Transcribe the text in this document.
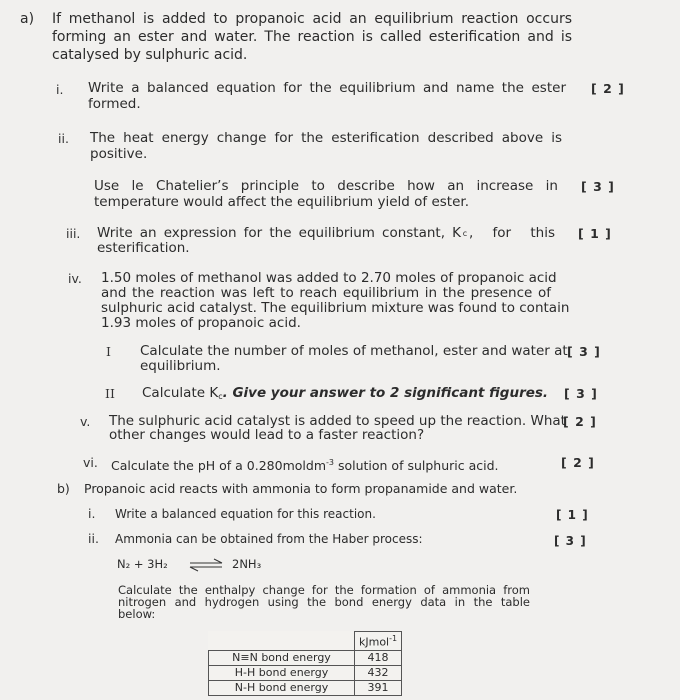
a) If methanol is added to propanoic acid an equilibrium reaction occurs
forming an ester and water. The reaction is called esterification and is
catalysed by sulphuric acid.
i. Write a balanced equation for the equilibrium and name the ester
formed.
[ 2 ]
ii. The heat energy change for the esterification described above is
positive.
Use le Chatelier’s principle to describe how an increase in
temperature would affect the equilibrium yield of ester.
[ 3 ]
iii. Write an expression for the equilibrium constant, K c , for this
esterification.
[ 1 ]
iv. 1.50 moles of methanol was added to 2.70 moles of propanoic acid
and the reaction was left to reach equilibrium in the presence of
sulphuric acid catalyst. The equilibrium mixture was found to contain
1.93 moles of propanoic acid.
I Calculate the number of moles of methanol, ester and water at
equilibrium.
[ 3 ]
II Calculate Kc. Give your answer to 2 significant figures. [ 3 ]
v. The sulphuric acid catalyst is added to speed up the reaction. What
other changes would lead to a faster reaction?
[ 2 ]
vi. Calculate the pH of a 0.280moldm$^{-3}$ solution of sulphuric acid.	[ 2 ]
b) Propanoic acid reacts with ammonia to form propanamide and water.
i. Write a balanced equation for this reaction.	[ 1 ]
ii. Ammonia can be obtained from the Haber process:	[ 3 ]
N₂ + 3H₂ ⇌ 2NH₃
Calculate the enthalpy change for the formation of ammonia from
nitrogen and hydrogen using the bond energy data in the table
below:
	kJmol$^{-1}$
N≡N bond energy	418
H-H bond energy	432
N-H bond energy	391
